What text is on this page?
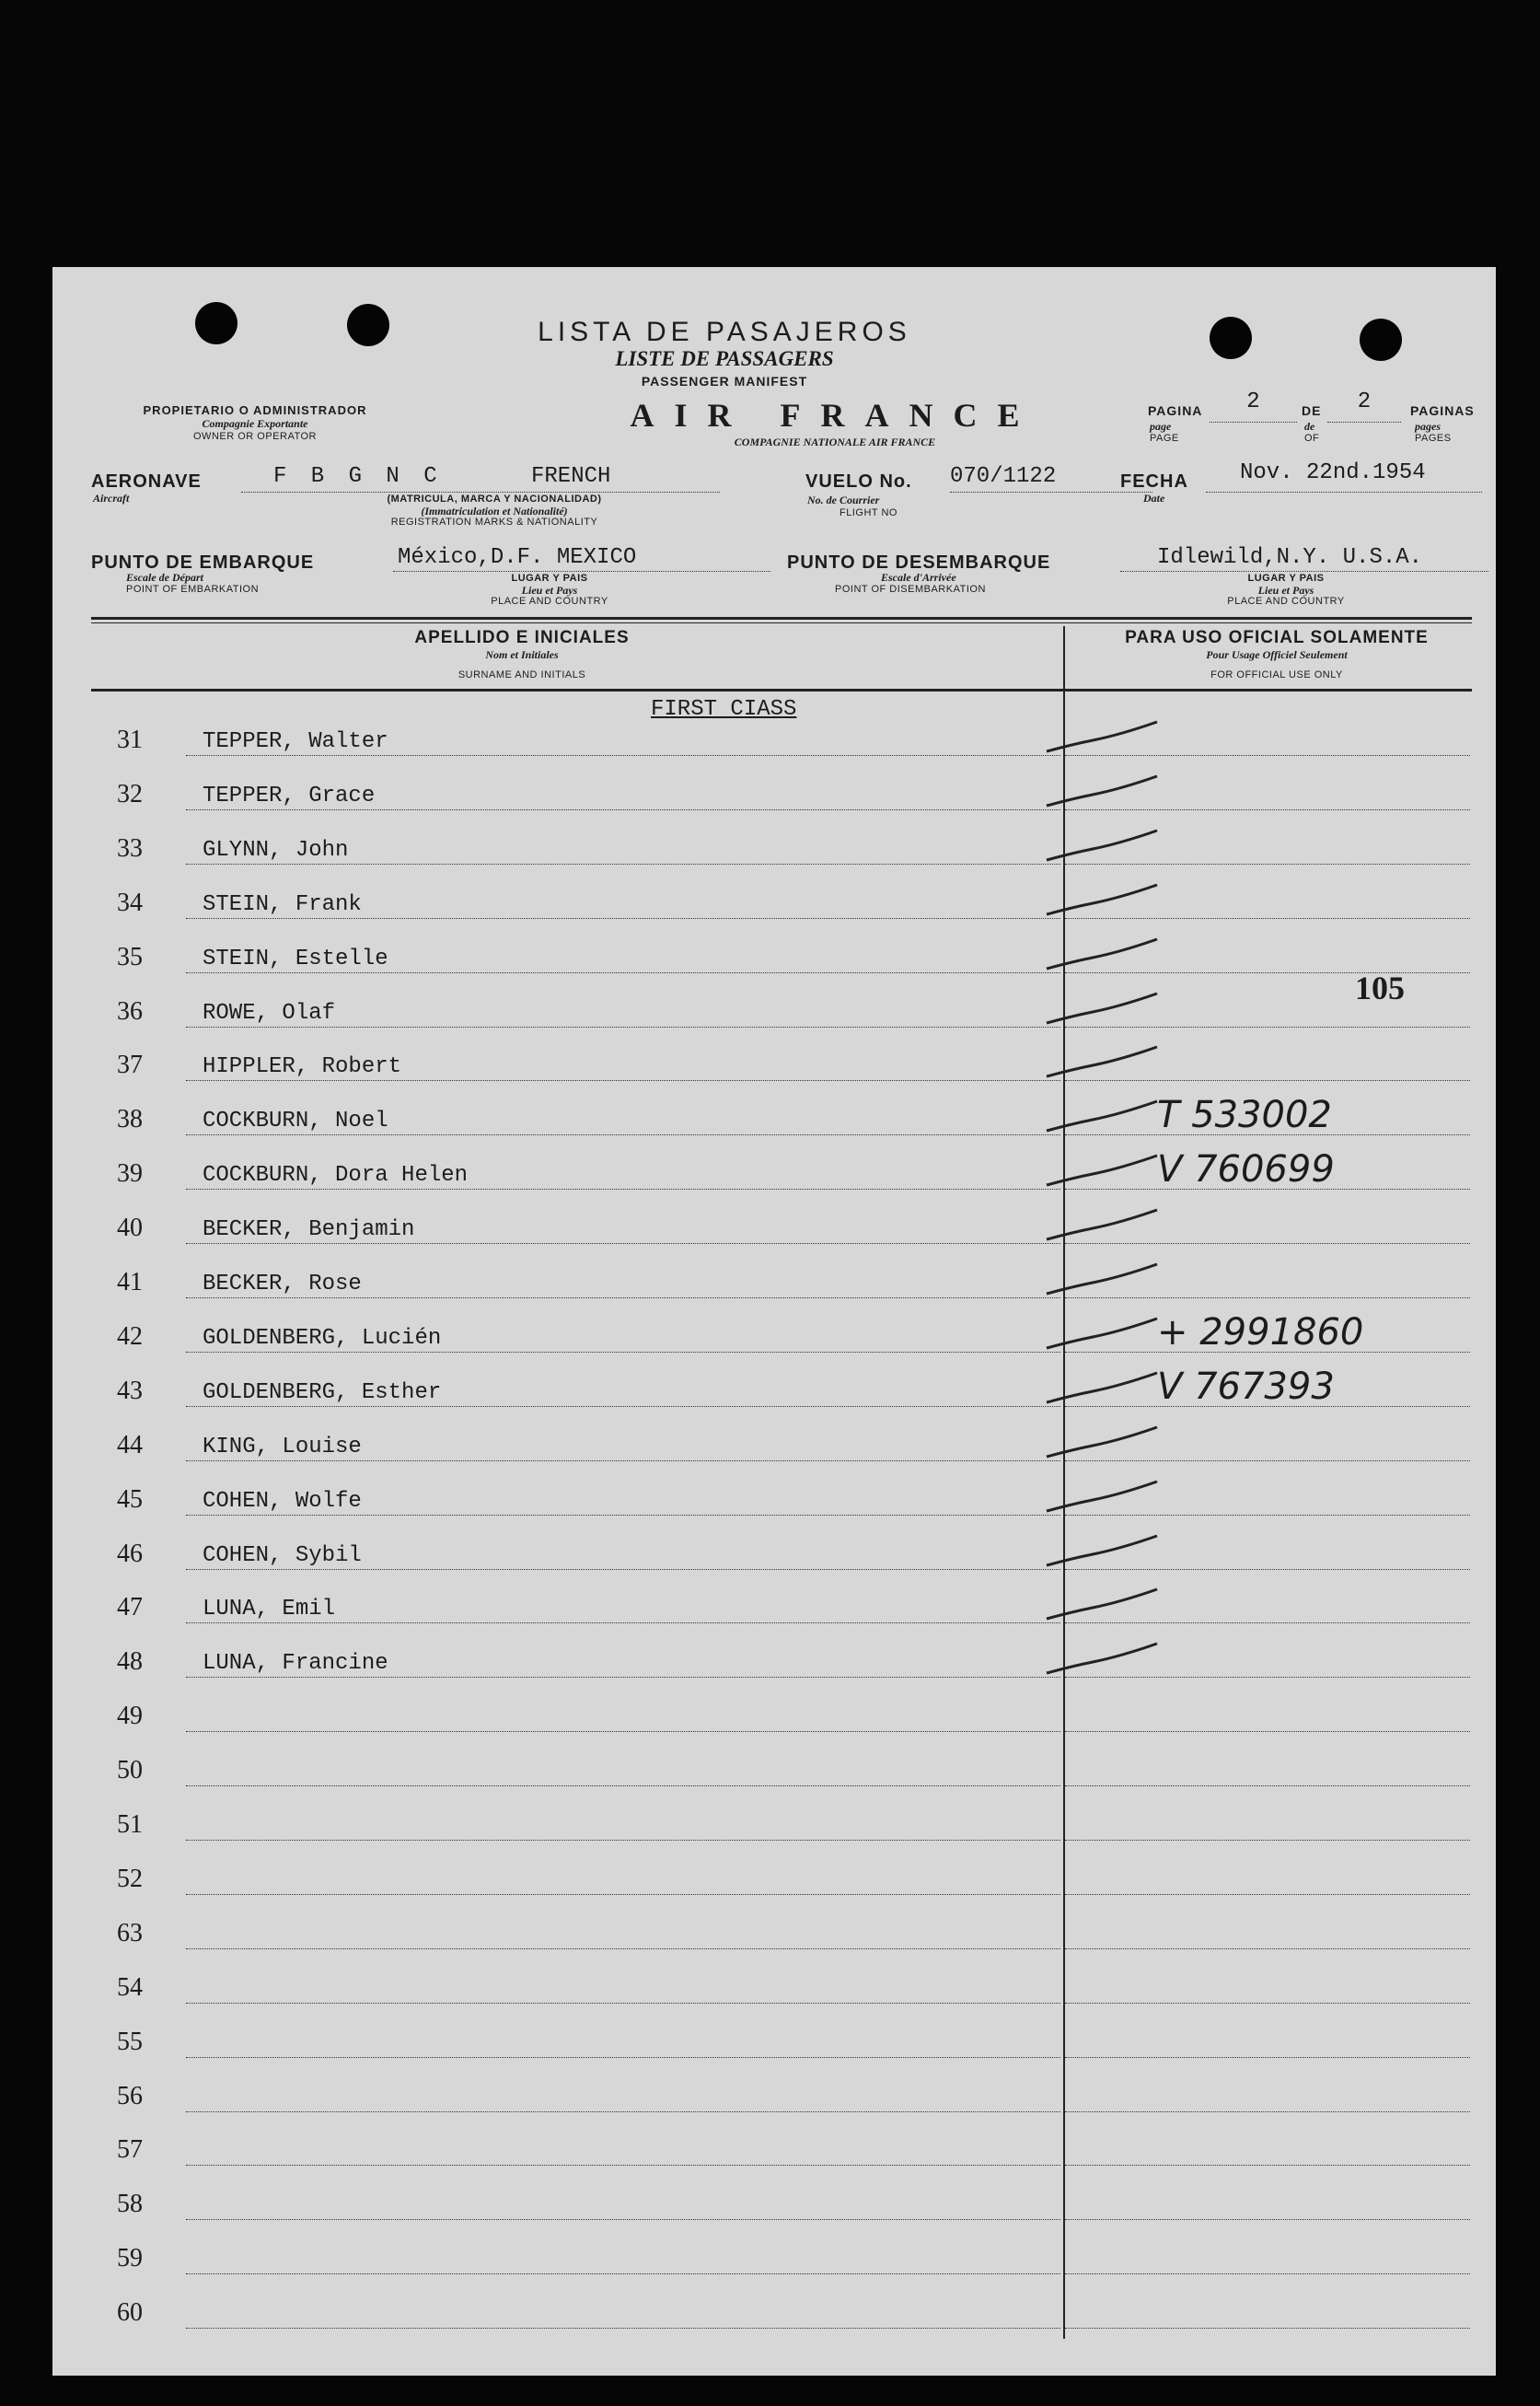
LISTA DE PASAJEROS
LISTE DE PASSAGERS
PASSENGER MANIFEST
PROPIETARIO O ADMINISTRADOR
Compagnie Exportante
OWNER OR OPERATOR
AIR FRANCE
COMPAGNIE NATIONALE AIR FRANCE
PAGINA
page
PAGE
2	DE
de
OF
2	PAGINAS
pages
PAGES
AERONAVE
Aircraft
F B G N C	FRENCH
(MATRICULA, MARCA Y NACIONALIDAD)
(Immatriculation et Nationalité)
REGISTRATION MARKS & NATIONALITY
VUELO No. 070/1122
No. de Courrier
FLIGHT NO
FECHA
Date
Nov. 22nd.1954
PUNTO DE EMBARQUE
Escale de Départ
POINT OF EMBARKATION
México,D.F. MEXICO
LUGAR Y PAIS
Lieu et Pays
PLACE AND COUNTRY
PUNTO DE DESEMBARQUE
Escale d'Arrivée
POINT OF DISEMBARKATION
Idlewild,N.Y. U.S.A.
LUGAR Y PAIS
Lieu et Pays
PLACE AND COUNTRY
APELLIDO E INICIALES
Nom et Initiales
SURNAME AND INITIALS
PARA USO OFICIAL SOLAMENTE
Pour Usage Officiel Seulement
FOR OFFICIAL USE ONLY
FIRST CIASS
105
31	TEPPER, Walter
32	TEPPER, Grace
33	GLYNN, John
34	STEIN, Frank
35	STEIN, Estelle
36	ROWE, Olaf
37	HIPPLER, Robert
38	COCKBURN, Noel	T 533002
39	COCKBURN, Dora Helen	V 760699
40	BECKER, Benjamin
41	BECKER, Rose
42	GOLDENBERG, Lucién	+ 2991860
43	GOLDENBERG, Esther	V 767393
44	KING, Louise
45	COHEN, Wolfe
46	COHEN, Sybil
47	LUNA, Emil
48	LUNA, Francine
49
50
51
52
63
54
55
56
57
58
59
60
